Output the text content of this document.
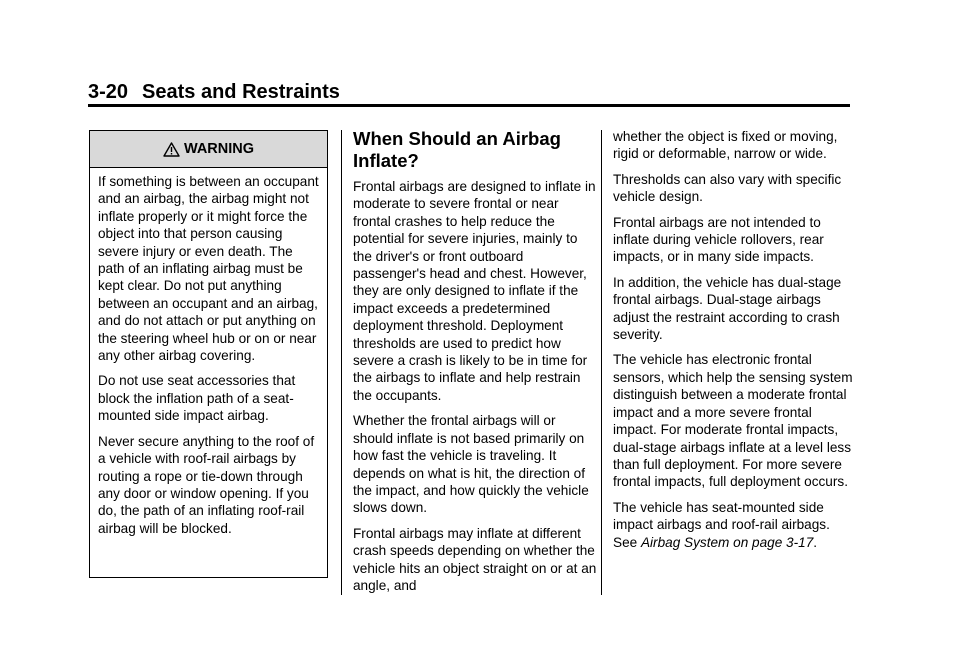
3-20 Seats and Restraints
WARNING

If something is between an occupant and an airbag, the airbag might not inflate properly or it might force the object into that person causing severe injury or even death. The path of an inflating airbag must be kept clear. Do not put anything between an occupant and an airbag, and do not attach or put anything on the steering wheel hub or on or near any other airbag covering.

Do not use seat accessories that block the inflation path of a seat-mounted side impact airbag.

Never secure anything to the roof of a vehicle with roof-rail airbags by routing a rope or tie-down through any door or window opening. If you do, the path of an inflating roof-rail airbag will be blocked.

When Should an Airbag
Inflate?

Frontal airbags are designed to inflate in moderate to severe frontal or near frontal crashes to help reduce the potential for severe injuries, mainly to the driver's or front outboard passenger's head and chest. However, they are only designed to inflate if the impact exceeds a predetermined deployment threshold. Deployment thresholds are used to predict how severe a crash is likely to be in time for the airbags to inflate and help restrain the occupants.

Whether the frontal airbags will or should inflate is not based primarily on how fast the vehicle is traveling. It depends on what is hit, the direction of the impact, and how quickly the vehicle slows down.

Frontal airbags may inflate at different crash speeds depending on whether the vehicle hits an object straight on or at an angle, and

whether the object is fixed or moving, rigid or deformable, narrow or wide.

Thresholds can also vary with specific vehicle design.

Frontal airbags are not intended to inflate during vehicle rollovers, rear impacts, or in many side impacts.

In addition, the vehicle has dual-stage frontal airbags. Dual-stage airbags adjust the restraint according to crash severity.

The vehicle has electronic frontal sensors, which help the sensing system distinguish between a moderate frontal impact and a more severe frontal impact. For moderate frontal impacts, dual-stage airbags inflate at a level less than full deployment. For more severe frontal impacts, full deployment occurs.

The vehicle has seat-mounted side impact airbags and roof-rail airbags. See Airbag System on page 3-17.
